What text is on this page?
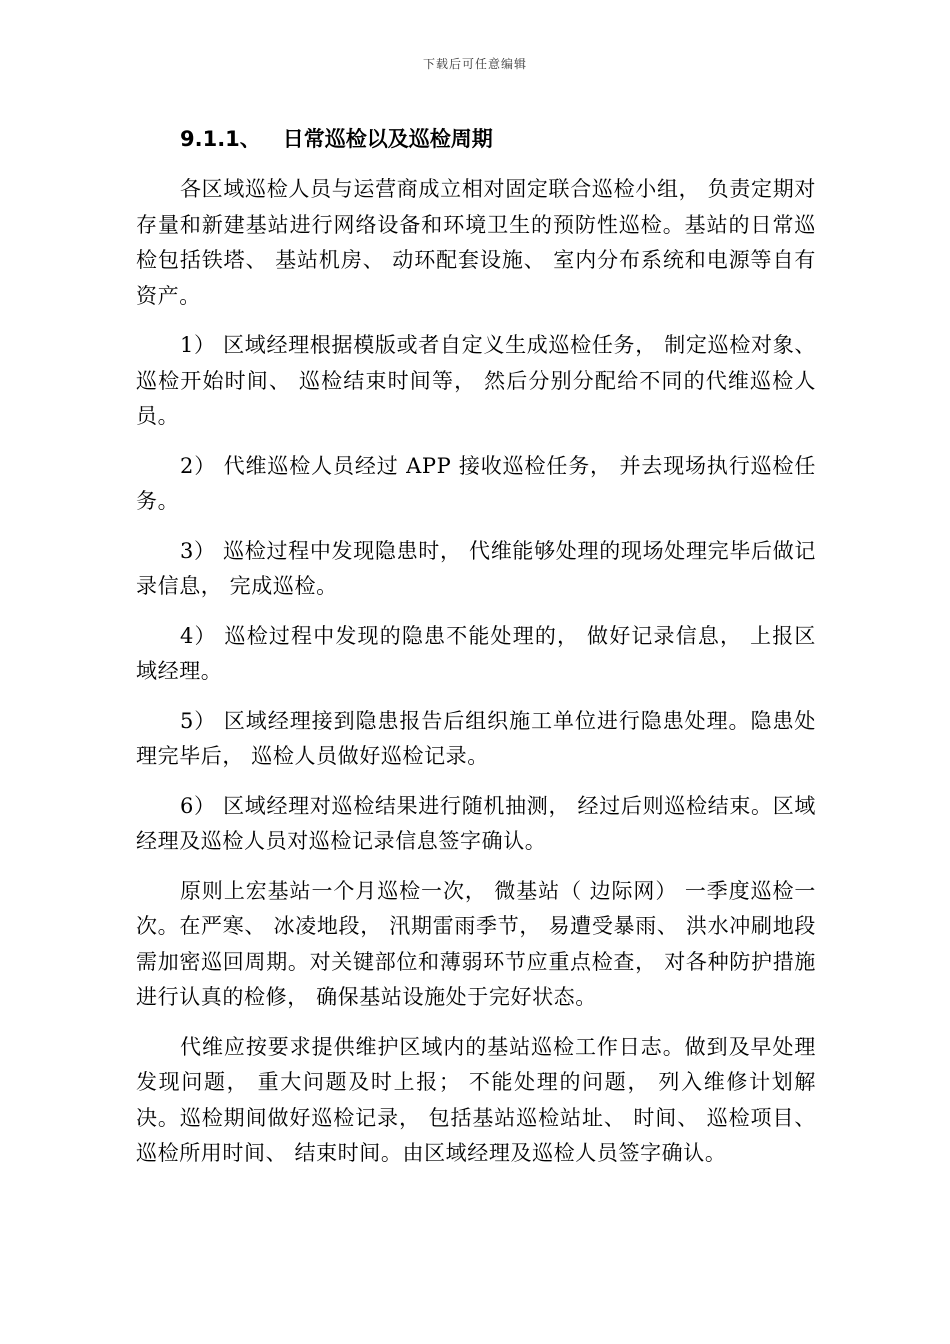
下载后可任意编辑
9.1.1、 日常巡检以及巡检周期

各区域巡检人员与运营商成立相对固定联合巡检小组， 负责定期对存量和新建基站进行网络设备和环境卫生的预防性巡检。基站的日常巡检包括铁塔、 基站机房、 动环配套设施、 室内分布系统和电源等自有资产。

1） 区域经理根据模版或者自定义生成巡检任务， 制定巡检对象、 巡检开始时间、 巡检结束时间等， 然后分别分配给不同的代维巡检人员。

2） 代维巡检人员经过 APP 接收巡检任务， 并去现场执行巡检任务。

3） 巡检过程中发现隐患时， 代维能够处理的现场处理完毕后做记录信息， 完成巡检。

4） 巡检过程中发现的隐患不能处理的， 做好记录信息， 上报区域经理。

5） 区域经理接到隐患报告后组织施工单位进行隐患处理。隐患处理完毕后， 巡检人员做好巡检记录。

6） 区域经理对巡检结果进行随机抽测， 经过后则巡检结束。区域经理及巡检人员对巡检记录信息签字确认。

原则上宏基站一个月巡检一次， 微基站（ 边际网） 一季度巡检一次。在严寒、 冰凌地段， 汛期雷雨季节， 易遭受暴雨、 洪水冲刷地段需加密巡回周期。对关键部位和薄弱环节应重点检查， 对各种防护措施进行认真的检修， 确保基站设施处于完好状态。

代维应按要求提供维护区域内的基站巡检工作日志。做到及早处理发现问题， 重大问题及时上报； 不能处理的问题， 列入维修计划解决。巡检期间做好巡检记录， 包括基站巡检站址、 时间、 巡检项目、 巡检所用时间、 结束时间。由区域经理及巡检人员签字确认。
